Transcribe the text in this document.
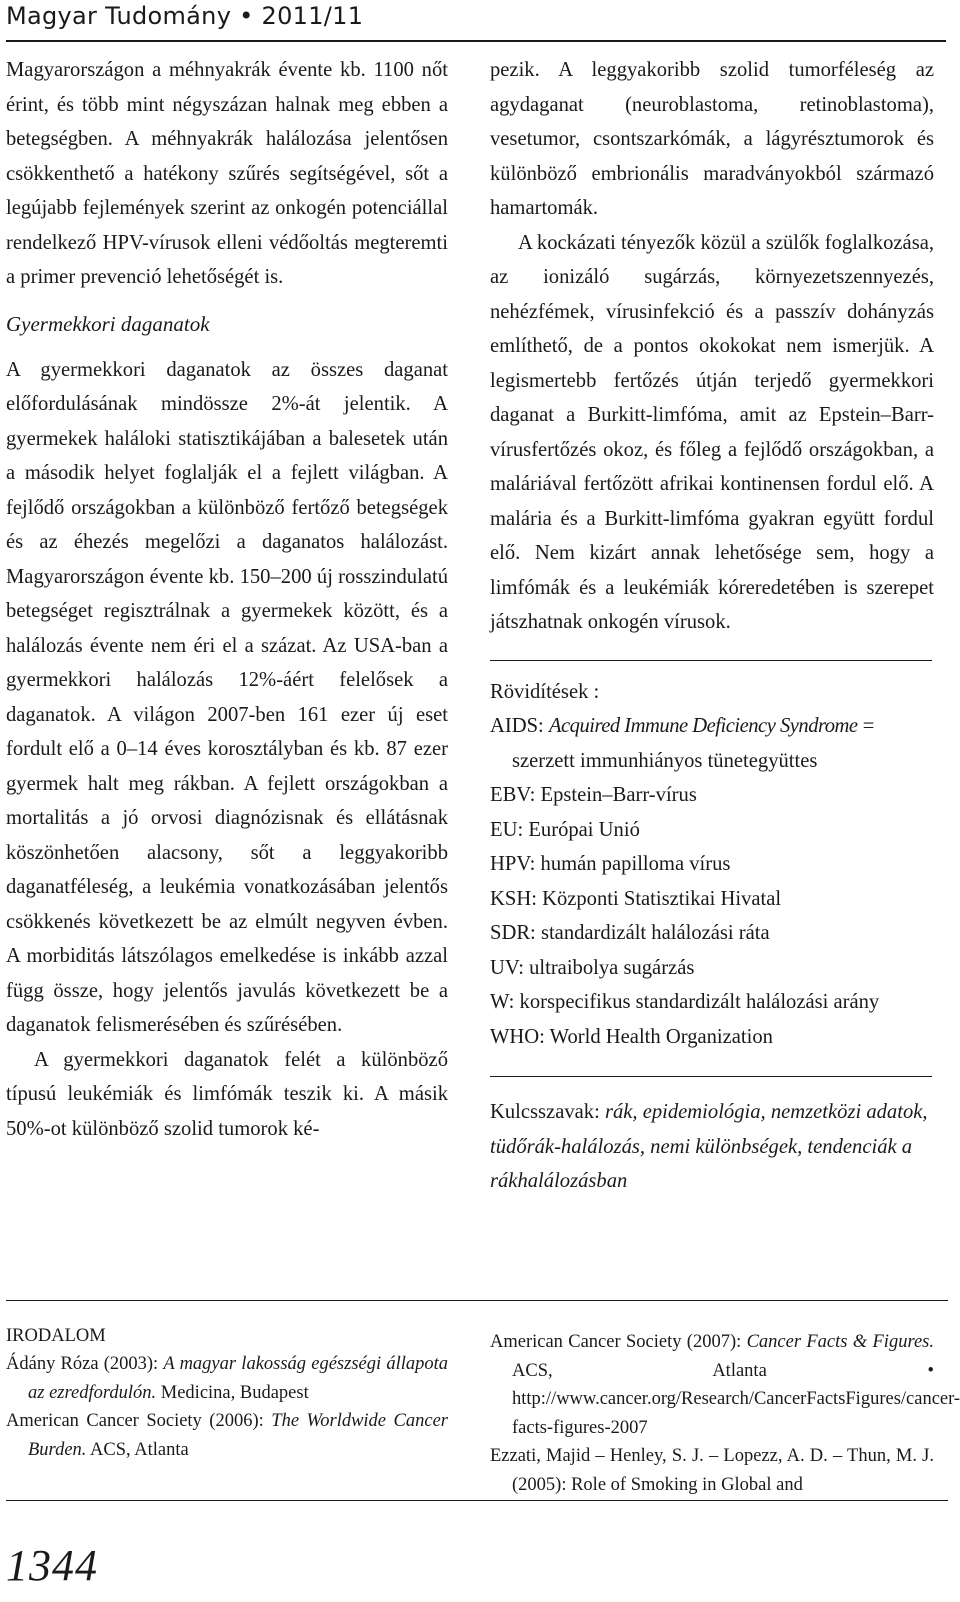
Magyar Tudomány • 2011/11

Magyarországon a méhnyakrák évente kb. 1100 nőt érint, és több mint négyszázan halnak meg ebben a betegségben. A méhnyakrák halálozása jelentősen csökkenthető a hatékony szűrés segítségével, sőt a legújabb fejlemények szerint az onkogén potenciállal rendelkező HPV-vírusok elleni védőoltás megteremti a primer prevenció lehetőségét is.

Gyermekkori daganatok

A gyermekkori daganatok az összes daganat előfordulásának mindössze 2%-át jelentik. A gyermekek haláloki statisztikájában a balesetek után a második helyet foglalják el a fejlett világban. A fejlődő országokban a különböző fertőző betegségek és az éhezés megelőzi a daganatos halálozást. Magyarországon évente kb. 150–200 új rosszindulatú betegséget regisztrálnak a gyermekek között, és a halálozás évente nem éri el a százat. Az USA-ban a gyermekkori halálozás 12%-áért felelősek a daganatok. A világon 2007-ben 161 ezer új eset fordult elő a 0–14 éves korosztályban és kb. 87 ezer gyermek halt meg rákban. A fejlett országokban a mortalitás a jó orvosi diagnózisnak és ellátásnak köszönhetően alacsony, sőt a leggyakoribb daganatféleség, a leukémia vonatkozásában jelentős csökkenés következett be az elmúlt negyven évben. A morbiditás látszólagos emelkedése is inkább azzal függ össze, hogy jelentős javulás következett be a daganatok felismerésében és szűrésében.

A gyermekkori daganatok felét a különböző típusú leukémiák és limfómák teszik ki. A másik 50%-ot különböző szolid tumorok ké-

pezik. A leggyakoribb szolid tumorféleség az agydaganat (neuroblastoma, retinoblastoma), vesetumor, csontszarkómák, a lágyrésztumorok és különböző embrionális maradványokból származó hamartomák.

A kockázati tényezők közül a szülők foglalkozása, az ionizáló sugárzás, környezetszennyezés, nehézfémek, vírusinfekció és a passzív dohányzás említhető, de a pontos okokokat nem ismerjük. A legismertebb fertőzés útján terjedő gyermekkori daganat a Burkitt-limfóma, amit az Epstein–Barr-vírusfertőzés okoz, és főleg a fejlődő országokban, a maláriával fertőzött afrikai kontinensen fordul elő. A malária és a Burkitt-limfóma gyakran együtt fordul elő. Nem kizárt annak lehetősége sem, hogy a limfómák és a leukémiák kóreredetében is szerepet játszhatnak onkogén vírusok.

Rövidítések :
AIDS: Acquired Immune Deficiency Syndrome = szerzett immunhiányos tünetegyüttes
EBV: Epstein–Barr-vírus
EU: Európai Unió
HPV: humán papilloma vírus
KSH: Központi Statisztikai Hivatal
SDR: standardizált halálozási ráta
UV: ultraibolya sugárzás
W: korspecifikus standardizált halálozási arány
WHO: World Health Organization
Kulcsszavak: rák, epidemiológia, nemzetközi adatok, tüdőrák-halálozás, nemi különbségek, tendenciák a rákhalálozásban
IRODALOM
Ádány Róza (2003): A magyar lakosság egészségi állapota az ezredfordulón. Medicina, Budapest
American Cancer Society (2006): The Worldwide Cancer Burden. ACS, Atlanta
American Cancer Society (2007): Cancer Facts & Figures. ACS, Atlanta • http://www.cancer.org/Research/CancerFactsFigures/cancer-facts-figures-2007
Ezzati, Majid – Henley, S. J. – Lopezz, A. D. – Thun, M. J. (2005): Role of Smoking in Global and
1344
